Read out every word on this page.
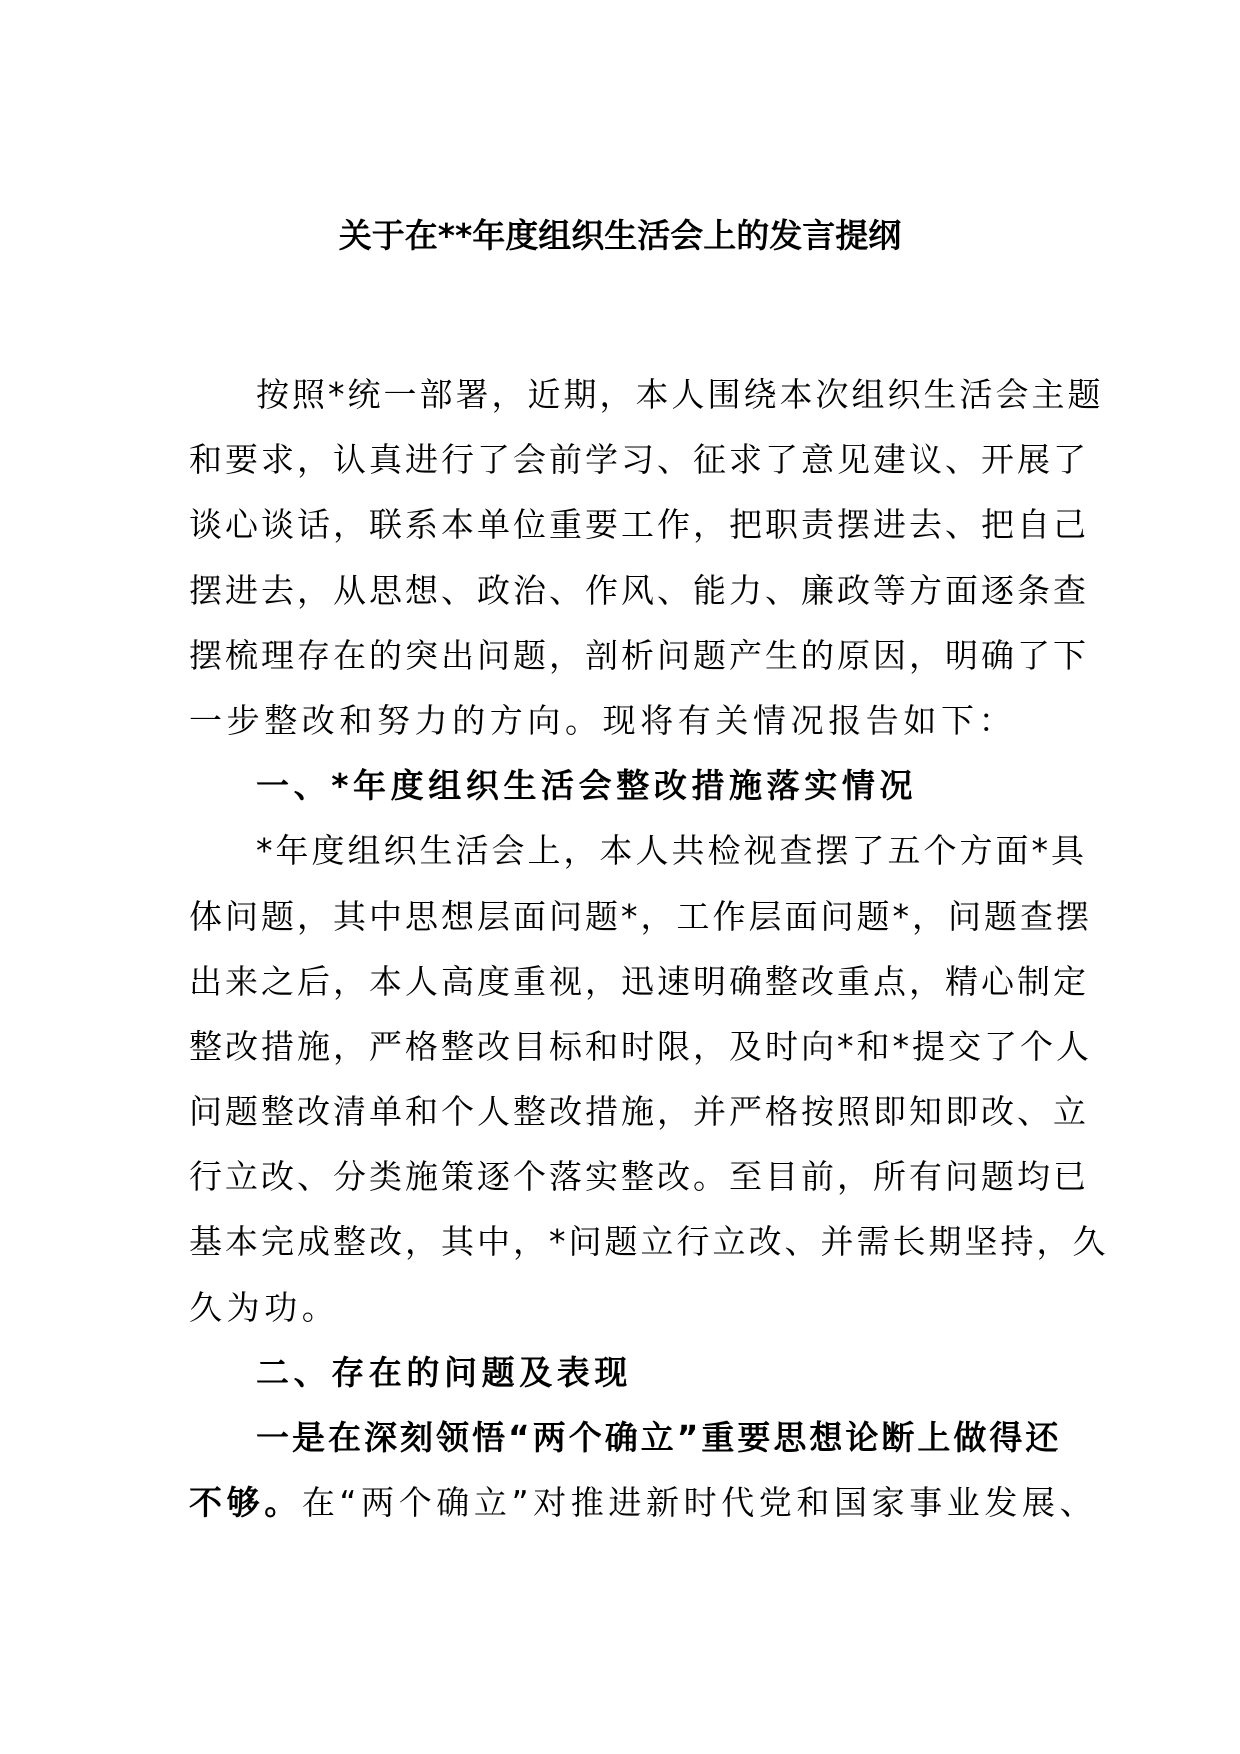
关于在**年度组织生活会上的发言提纲
按照*统一部署，近期，本人围绕本次组织生活会主题
和要求，认真进行了会前学习、征求了意见建议、开展了
谈心谈话，联系本单位重要工作，把职责摆进去、把自己
摆进去，从思想、政治、作风、能力、廉政等方面逐条查
摆梳理存在的突出问题，剖析问题产生的原因，明确了下
一步整改和努力的方向。现将有关情况报告如下：
一、*年度组织生活会整改措施落实情况
*年度组织生活会上，本人共检视查摆了五个方面*具
体问题，其中思想层面问题*，工作层面问题*，问题查摆
出来之后，本人高度重视，迅速明确整改重点，精心制定
整改措施，严格整改目标和时限，及时向*和*提交了个人
问题整改清单和个人整改措施，并严格按照即知即改、立
行立改、分类施策逐个落实整改。至目前，所有问题均已
基本完成整改，其中，*问题立行立改、并需长期坚持，久
久为功。
二、存在的问题及表现
一是在深刻领悟“两个确立”重要思想论断上做得还
不够。在“两个确立”对推进新时代党和国家事业发展、
